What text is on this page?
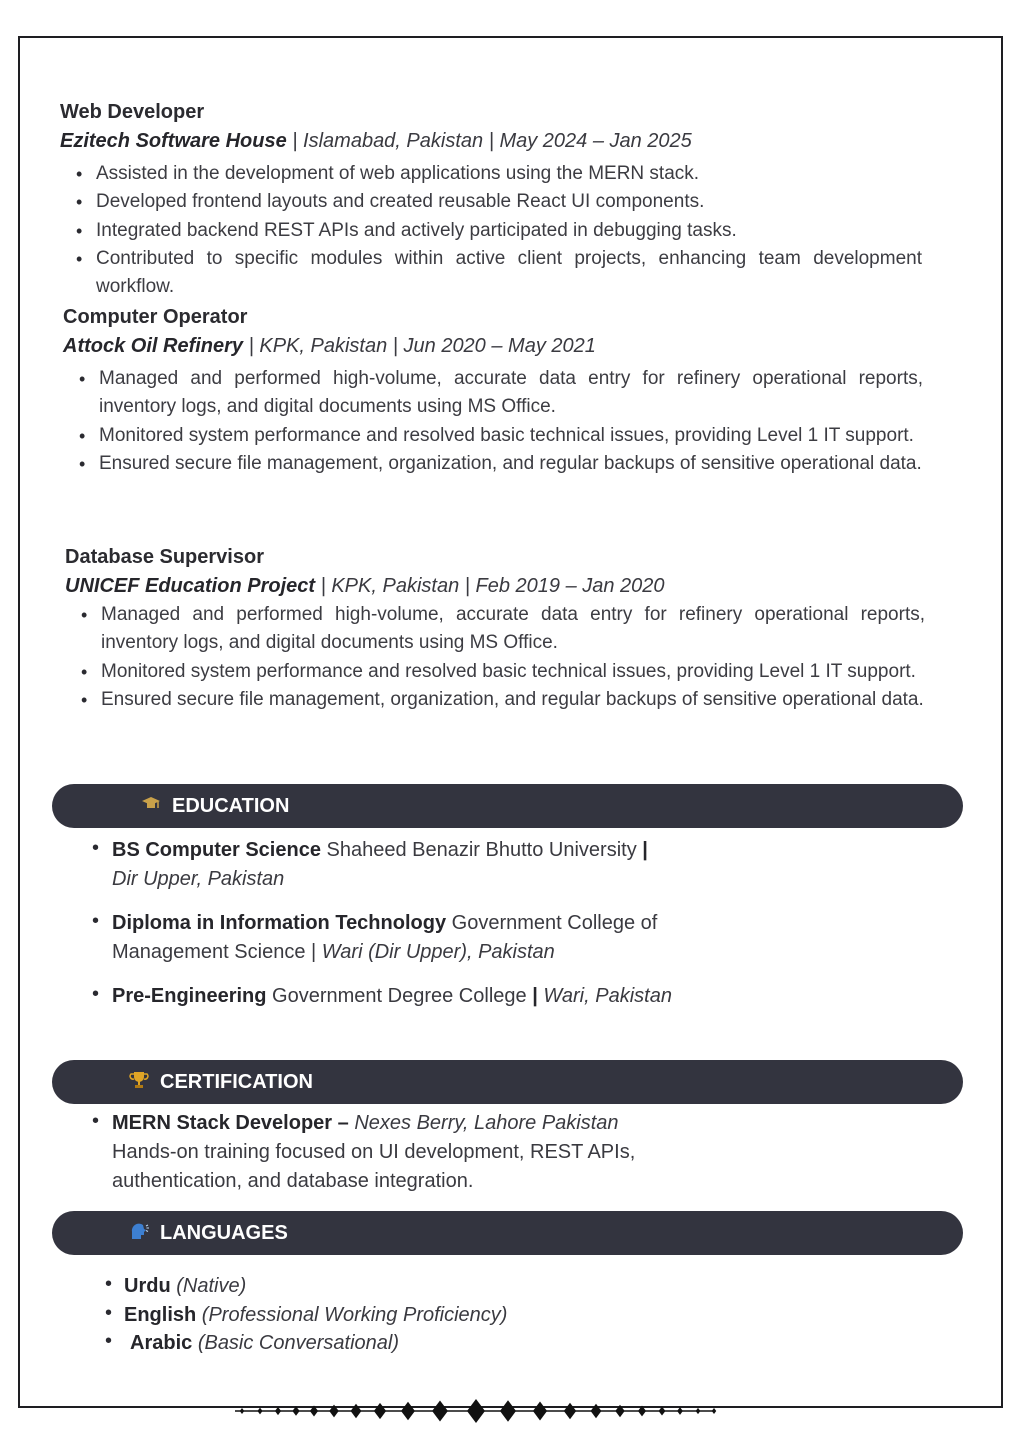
Web Developer
Ezitech Software House | Islamabad, Pakistan | May 2024 – Jan 2025
• Assisted in the development of web applications using the MERN stack.
• Developed frontend layouts and created reusable React UI components.
• Integrated backend REST APIs and actively participated in debugging tasks.
• Contributed to specific modules within active client projects, enhancing team development workflow.
Computer Operator
Attock Oil Refinery | KPK, Pakistan | Jun 2020 – May 2021
• Managed and performed high-volume, accurate data entry for refinery operational reports, inventory logs, and digital documents using MS Office.
• Monitored system performance and resolved basic technical issues, providing Level 1 IT support.
• Ensured secure file management, organization, and regular backups of sensitive operational data.
Database Supervisor
UNICEF Education Project | KPK, Pakistan | Feb 2019 – Jan 2020
• Managed and performed high-volume, accurate data entry for refinery operational reports, inventory logs, and digital documents using MS Office.
• Monitored system performance and resolved basic technical issues, providing Level 1 IT support.
• Ensured secure file management, organization, and regular backups of sensitive operational data.
EDUCATION
• BS Computer Science Shaheed Benazir Bhutto University |
Dir Upper, Pakistan
• Diploma in Information Technology Government College of Management Science | Wari (Dir Upper), Pakistan
• Pre-Engineering Government Degree College | Wari, Pakistan
CERTIFICATION
• MERN Stack Developer – Nexes Berry, Lahore Pakistan
Hands-on training focused on UI development, REST APIs, authentication, and database integration.
LANGUAGES
• Urdu (Native)
• English (Professional Working Proficiency)
• Arabic (Basic Conversational)
